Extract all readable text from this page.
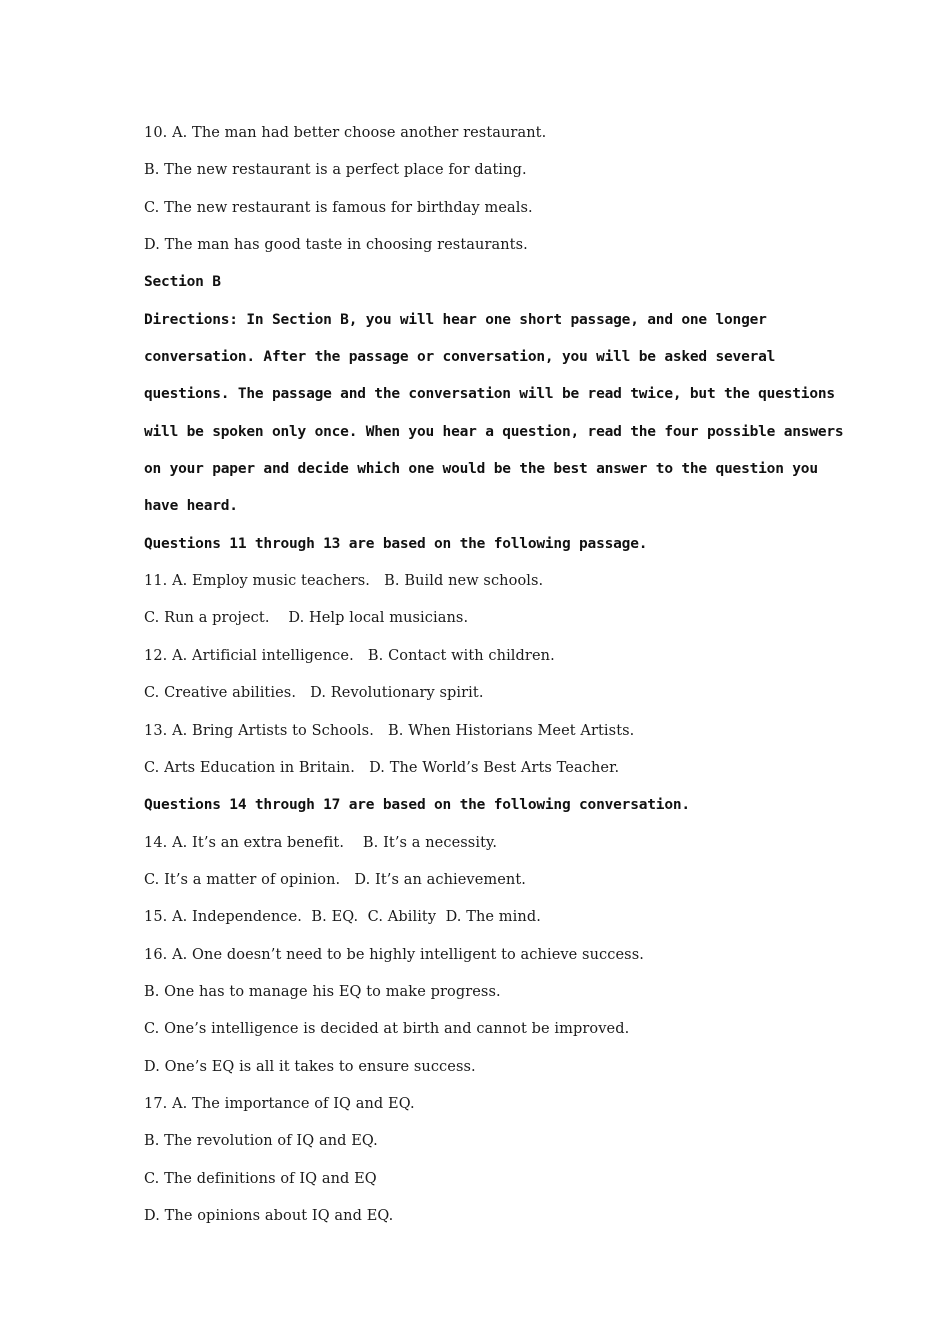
10. A. The man had better choose another restaurant.
B. The new restaurant is a perfect place for dating.
C. The new restaurant is famous for birthday meals.
D. The man has good taste in choosing restaurants.
Section B
Directions: In Section B, you will hear one short passage, and one longer
conversation. After the passage or conversation, you will be asked several
questions. The passage and the conversation will be read twice, but the questions
will be spoken only once. When you hear a question, read the four possible answers
on your paper and decide which one would be the best answer to the question you
have heard.
Questions 11 through 13 are based on the following passage.
11. A. Employ music teachers.   B. Build new schools.
C. Run a project.    D. Help local musicians.
12. A. Artificial intelligence.   B. Contact with children.
C. Creative abilities.   D. Revolutionary spirit.
13. A. Bring Artists to Schools.   B. When Historians Meet Artists.
C. Arts Education in Britain.   D. The World’s Best Arts Teacher.
Questions 14 through 17 are based on the following conversation.
14. A. It’s an extra benefit.    B. It’s a necessity.
C. It’s a matter of opinion.   D. It’s an achievement.
15. A. Independence.  B. EQ.  C. Ability  D. The mind.
16. A. One doesn’t need to be highly intelligent to achieve success.
B. One has to manage his EQ to make progress.
C. One’s intelligence is decided at birth and cannot be improved.
D. One’s EQ is all it takes to ensure success.
17. A. The importance of IQ and EQ.
B. The revolution of IQ and EQ.
C. The definitions of IQ and EQ
D. The opinions about IQ and EQ.
